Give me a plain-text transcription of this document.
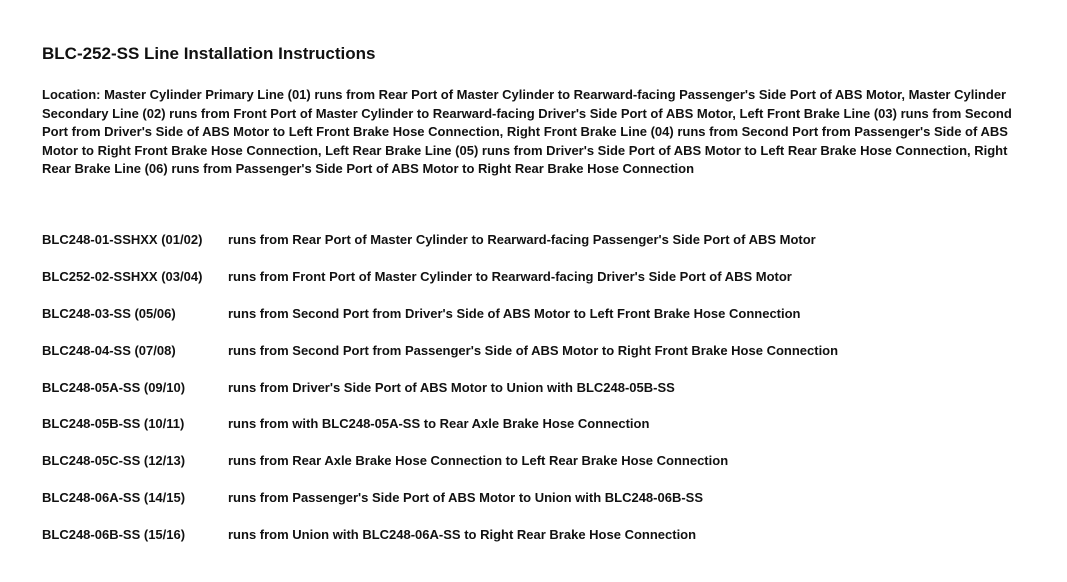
BLC-252-SS Line Installation Instructions
Location: Master Cylinder Primary Line (01) runs from Rear Port of Master Cylinder to Rearward-facing Passenger's Side Port of ABS Motor, Master Cylinder Secondary Line (02) runs from Front Port of Master Cylinder to Rearward-facing Driver's Side Port of ABS Motor, Left Front Brake Line (03) runs from Second Port from Driver's Side of ABS Motor to Left Front Brake Hose Connection, Right Front Brake Line (04) runs from Second Port from Passenger's Side of ABS Motor to Right Front Brake Hose Connection, Left Rear Brake Line (05) runs from Driver's Side Port of ABS Motor to Left Rear Brake Hose Connection, Right Rear Brake Line (06) runs from Passenger's Side Port of ABS Motor to Right Rear Brake Hose Connection
BLC248-01-SSHXX (01/02)	runs from Rear Port of Master Cylinder to Rearward-facing Passenger's Side Port of ABS Motor
BLC252-02-SSHXX (03/04)	runs from Front Port of Master Cylinder to Rearward-facing Driver's Side Port of ABS Motor
BLC248-03-SS (05/06)	runs from Second Port from Driver's Side of ABS Motor to Left Front Brake Hose Connection
BLC248-04-SS (07/08)	runs from Second Port from Passenger's Side of ABS Motor to Right Front Brake Hose Connection
BLC248-05A-SS (09/10)	runs from Driver's Side Port of ABS Motor to Union with BLC248-05B-SS
BLC248-05B-SS (10/11)	runs from with BLC248-05A-SS to Rear Axle Brake Hose Connection
BLC248-05C-SS (12/13)	runs from Rear Axle Brake Hose Connection to Left Rear Brake Hose Connection
BLC248-06A-SS (14/15)	runs from Passenger's Side Port of ABS Motor to Union with BLC248-06B-SS
BLC248-06B-SS (15/16)	runs from Union with BLC248-06A-SS to Right Rear Brake Hose Connection
